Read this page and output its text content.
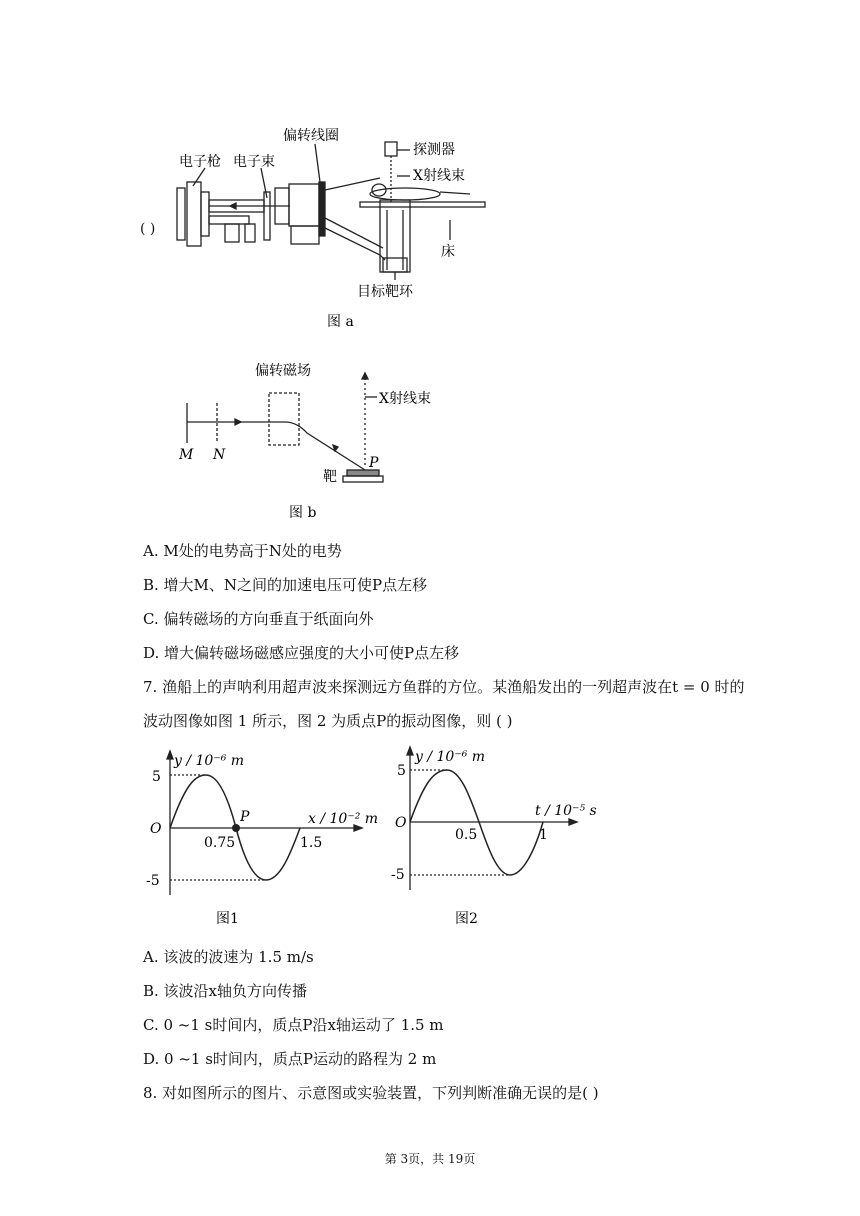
( )
电子枪 电子束
偏转线圈
探测器
X射线束
床
目标靶环
图 a
偏转磁场
X射线束
M N	P
靶
图 b
A. M处的电势高于N处的电势
B. 增大M、N之间的加速电压可使P点左移
C. 偏转磁场的方向垂直于纸面向外
D. 增大偏转磁场磁感应强度的大小可使P点左移
7. 渔船上的声呐利用超声波来探测远方鱼群的方位。某渔船发出的一列超声波在t = 0 时的
波动图像如图 1 所示，图 2 为质点P的振动图像，则 ( )
y / 10⁻⁶ m
x / 10⁻² m
O
P
5
-5
0.75	1.5
图1
y / 10⁻⁶ m
t / 10⁻⁵ s
O
5
-5
0.5	1
图2
A. 该波的波速为 1.5 m/s
B. 该波沿x轴负方向传播
C. 0 ~1 s时间内，质点P沿x轴运动了 1.5 m
D. 0 ~1 s时间内，质点P运动的路程为 2 m
8. 对如图所示的图片、示意图或实验装置，下列判断准确无误的是( )
第 3页，共 19页
